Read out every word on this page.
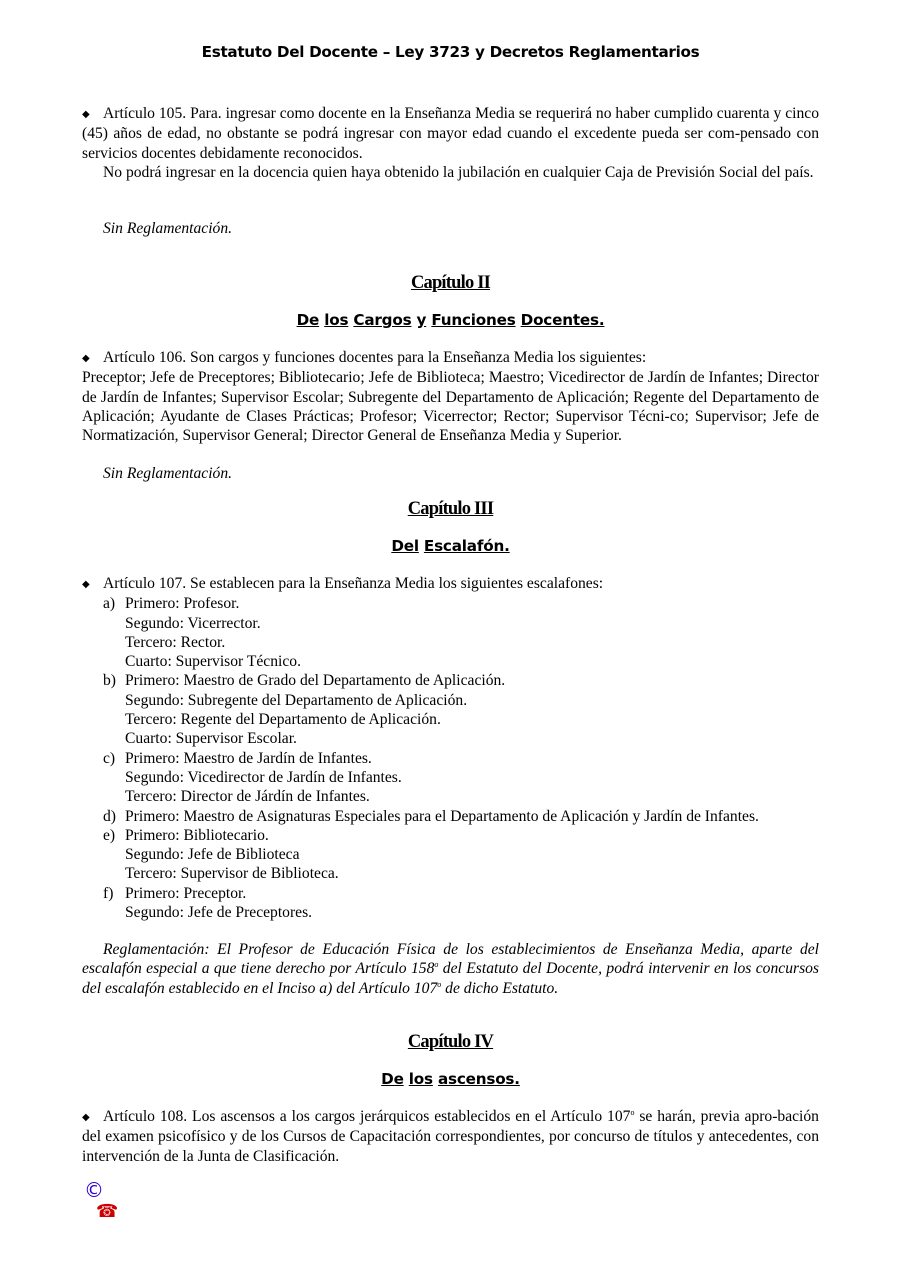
Estatuto Del Docente – Ley 3723 y Decretos Reglamentarios
◆ Artículo 105. Para. ingresar como docente en la Enseñanza Media se requerirá no haber cumplido cuarenta y cinco (45) años de edad, no obstante se podrá ingresar con mayor edad cuando el excedente pueda ser com-pensado con servicios docentes debidamente reconocidos.
No podrá ingresar en la docencia quien haya obtenido la jubilación en cualquier Caja de Previsión Social del país.
Sin Reglamentación.
Capítulo II
De los Cargos y Funciones Docentes.
◆ Artículo 106. Son cargos y funciones docentes para la Enseñanza Media los siguientes:
Preceptor; Jefe de Preceptores; Bibliotecario; Jefe de Biblioteca; Maestro; Vicedirector de Jardín de Infantes; Director de Jardín de Infantes; Supervisor Escolar; Subregente del Departamento de Aplicación; Regente del Departamento de Aplicación; Ayudante de Clases Prácticas; Profesor; Vicerrector; Rector; Supervisor Técni-co; Supervisor; Jefe de Normatización, Supervisor General; Director General de Enseñanza Media y Superior.
Sin Reglamentación.
Capítulo III
Del Escalafón.
◆ Artículo 107. Se establecen para la Enseñanza Media los siguientes escalafones:
a) Primero: Profesor.
Segundo: Vicerrector.
Tercero: Rector.
Cuarto: Supervisor Técnico.
b) Primero: Maestro de Grado del Departamento de Aplicación.
Segundo: Subregente del Departamento de Aplicación.
Tercero: Regente del Departamento de Aplicación.
Cuarto: Supervisor Escolar.
c) Primero: Maestro de Jardín de Infantes.
Segundo: Vicedirector de Jardín de Infantes.
Tercero: Director de Járdín de Infantes.
d) Primero: Maestro de Asignaturas Especiales para el Departamento de Aplicación y Jardín de Infantes.
e) Primero: Bibliotecario.
Segundo: Jefe de Biblioteca
Tercero: Supervisor de Biblioteca.
f) Primero: Preceptor.
Segundo: Jefe de Preceptores.
Reglamentación: El Profesor de Educación Física de los establecimientos de Enseñanza Media, aparte del escalafón especial a que tiene derecho por Artículo 158$^o$ del Estatuto del Docente, podrá intervenir en los concursos del escalafón establecido en el Inciso a) del Artículo 107$^o$ de dicho Estatuto.
Capítulo IV
De los ascensos.
◆ Artículo 108. Los ascensos a los cargos jerárquicos establecidos en el Artículo 107$^o$ se harán, previa apro-bación del examen psicofísico y de los Cursos de Capacitación correspondientes, por concurso de títulos y antecedentes, con intervención de la Junta de Clasificación.
©
☎
